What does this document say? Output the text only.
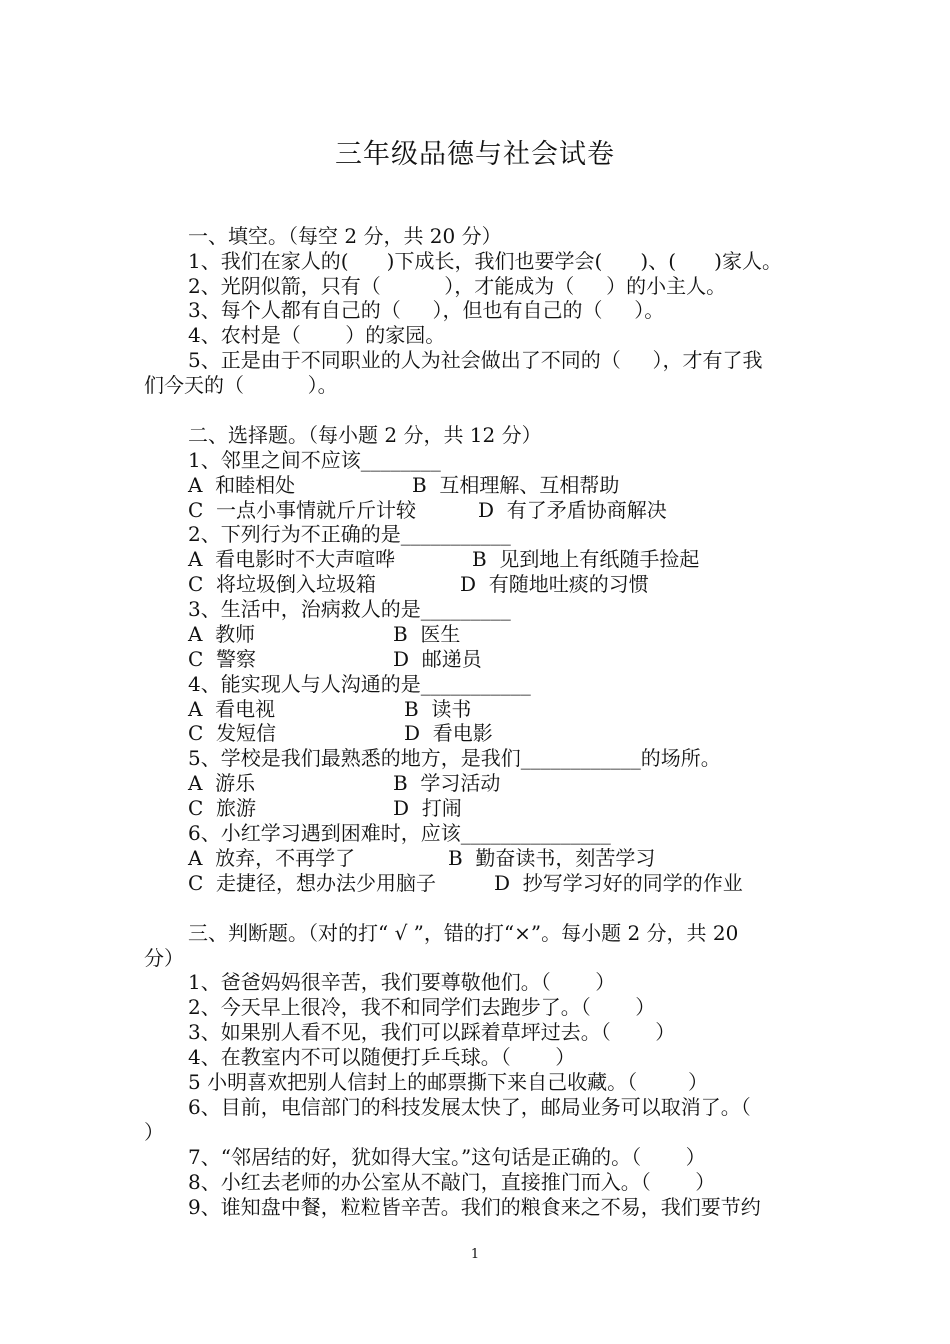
三年级品德与社会试卷
一、填空。（每空 2 分，共 20 分）
1、我们在家人的(      )下成长，我们也要学会(      )、(      )家人。
2、光阴似箭，只有（          ），才能成为（     ）的小主人。
3、每个人都有自己的（     ），但也有自己的（     ）。
4、农村是（       ）的家园。
5、正是由于不同职业的人为社会做出了不同的（     ），才有了我
们今天的（          ）。
二、选择题。（每小题 2 分，共 12 分）
1、邻里之间不应该________
A  和睦相处	B  互相理解、互相帮助
C  一点小事情就斤斤计较	D  有了矛盾协商解决
2、下列行为不正确的是___________
A  看电影时不大声喧哗	B  见到地上有纸随手捡起
C  将垃圾倒入垃圾箱	D  有随地吐痰的习惯
3、生活中，治病救人的是_________
A  教师	B  医生
C  警察	D  邮递员
4、能实现人与人沟通的是___________
A  看电视	B  读书
C  发短信	D  看电影
5、学校是我们最熟悉的地方，是我们____________的场所。
A  游乐	B  学习活动
C  旅游	D  打闹
6、小红学习遇到困难时，应该_______________
A  放弃，不再学了	B  勤奋读书，刻苦学习
C  走捷径，想办法少用脑子	D  抄写学习好的同学的作业
三、判断题。（对的打“ √ ”，错的打“×”。每小题 2 分，共 20
分）
1、爸爸妈妈很辛苦，我们要尊敬他们。（       ）
2、今天早上很冷，我不和同学们去跑步了。（       ）
3、如果别人看不见，我们可以踩着草坪过去。（       ）
4、在教室内不可以随便打乒乓球。（       ）
5 小明喜欢把别人信封上的邮票撕下来自己收藏。（        ）
6、目前，电信部门的科技发展太快了，邮局业务可以取消了。（
）
7、“邻居结的好，犹如得大宝。”这句话是正确的。（       ）
8、小红去老师的办公室从不敲门，直接推门而入。（       ）
9、谁知盘中餐，粒粒皆辛苦。我们的粮食来之不易，我们要节约
1
